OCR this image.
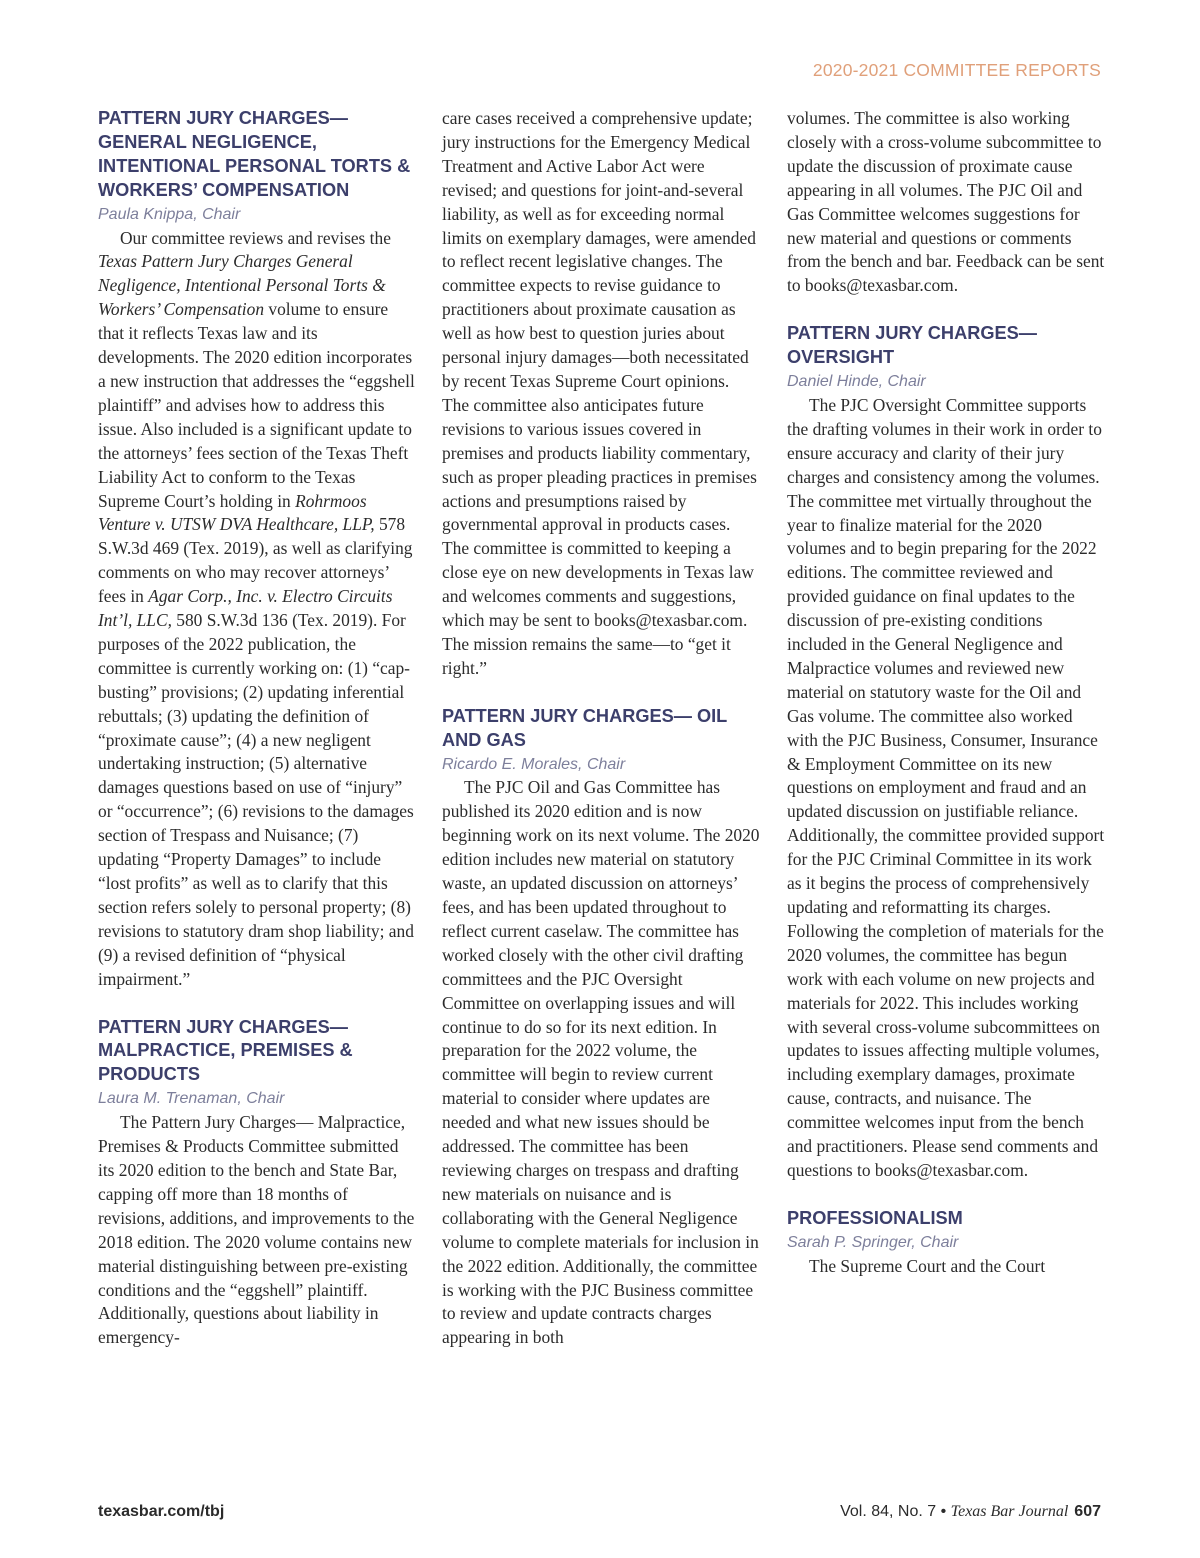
2020-2021 COMMITTEE REPORTS
PATTERN JURY CHARGES— GENERAL NEGLIGENCE, INTENTIONAL PERSONAL TORTS & WORKERS’ COMPENSATION
Paula Knippa, Chair

Our committee reviews and revises the Texas Pattern Jury Charges General Negligence, Intentional Personal Torts & Workers’ Compensation volume to ensure that it reflects Texas law and its developments. The 2020 edition incorporates a new instruction that addresses the “eggshell plaintiff” and advises how to address this issue. Also included is a significant update to the attorneys’ fees section of the Texas Theft Liability Act to conform to the Texas Supreme Court’s holding in Rohrmoos Venture v. UTSW DVA Healthcare, LLP, 578 S.W.3d 469 (Tex. 2019), as well as clarifying comments on who may recover attorneys’ fees in Agar Corp., Inc. v. Electro Circuits Int’l, LLC, 580 S.W.3d 136 (Tex. 2019). For purposes of the 2022 publication, the committee is currently working on: (1) “cap-busting” provisions; (2) updating inferential rebuttals; (3) updating the definition of “proximate cause”; (4) a new negligent undertaking instruction; (5) alternative damages questions based on use of “injury” or “occurrence”; (6) revisions to the damages section of Trespass and Nuisance; (7) updating “Property Damages” to include “lost profits” as well as to clarify that this section refers solely to personal property; (8) revisions to statutory dram shop liability; and (9) a revised definition of “physical impairment.”

PATTERN JURY CHARGES— MALPRACTICE, PREMISES & PRODUCTS
Laura M. Trenaman, Chair

The Pattern Jury Charges— Malpractice, Premises & Products Committee submitted its 2020 edition to the bench and State Bar, capping off more than 18 months of revisions, additions, and improvements to the 2018 edition. The 2020 volume contains new material distinguishing between pre-existing conditions and the “eggshell” plaintiff. Additionally, questions about liability in emergency-

care cases received a comprehensive update; jury instructions for the Emergency Medical Treatment and Active Labor Act were revised; and questions for joint-and-several liability, as well as for exceeding normal limits on exemplary damages, were amended to reflect recent legislative changes. The committee expects to revise guidance to practitioners about proximate causation as well as how best to question juries about personal injury damages—both necessitated by recent Texas Supreme Court opinions. The committee also anticipates future revisions to various issues covered in premises and products liability commentary, such as proper pleading practices in premises actions and presumptions raised by governmental approval in products cases. The committee is committed to keeping a close eye on new developments in Texas law and welcomes comments and suggestions, which may be sent to books@texasbar.com. The mission remains the same—to “get it right.”

PATTERN JURY CHARGES— OIL AND GAS
Ricardo E. Morales, Chair

The PJC Oil and Gas Committee has published its 2020 edition and is now beginning work on its next volume. The 2020 edition includes new material on statutory waste, an updated discussion on attorneys’ fees, and has been updated throughout to reflect current caselaw. The committee has worked closely with the other civil drafting committees and the PJC Oversight Committee on overlapping issues and will continue to do so for its next edition. In preparation for the 2022 volume, the committee will begin to review current material to consider where updates are needed and what new issues should be addressed. The committee has been reviewing charges on trespass and drafting new materials on nuisance and is collaborating with the General Negligence volume to complete materials for inclusion in the 2022 edition. Additionally, the committee is working with the PJC Business committee to review and update contracts charges appearing in both

volumes. The committee is also working closely with a cross-volume subcommittee to update the discussion of proximate cause appearing in all volumes. The PJC Oil and Gas Committee welcomes suggestions for new material and questions or comments from the bench and bar. Feedback can be sent to books@texasbar.com.

PATTERN JURY CHARGES— OVERSIGHT
Daniel Hinde, Chair

The PJC Oversight Committee supports the drafting volumes in their work in order to ensure accuracy and clarity of their jury charges and consistency among the volumes. The committee met virtually throughout the year to finalize material for the 2020 volumes and to begin preparing for the 2022 editions. The committee reviewed and provided guidance on final updates to the discussion of pre-existing conditions included in the General Negligence and Malpractice volumes and reviewed new material on statutory waste for the Oil and Gas volume. The committee also worked with the PJC Business, Consumer, Insurance & Employment Committee on its new questions on employment and fraud and an updated discussion on justifiable reliance. Additionally, the committee provided support for the PJC Criminal Committee in its work as it begins the process of comprehensively updating and reformatting its charges. Following the completion of materials for the 2020 volumes, the committee has begun work with each volume on new projects and materials for 2022. This includes working with several cross-volume subcommittees on updates to issues affecting multiple volumes, including exemplary damages, proximate cause, contracts, and nuisance. The committee welcomes input from the bench and practitioners. Please send comments and questions to books@texasbar.com.

PROFESSIONALISM
Sarah P. Springer, Chair

The Supreme Court and the Court

texasbar.com/tbj	Vol. 84, No. 7 • Texas Bar Journal 607
